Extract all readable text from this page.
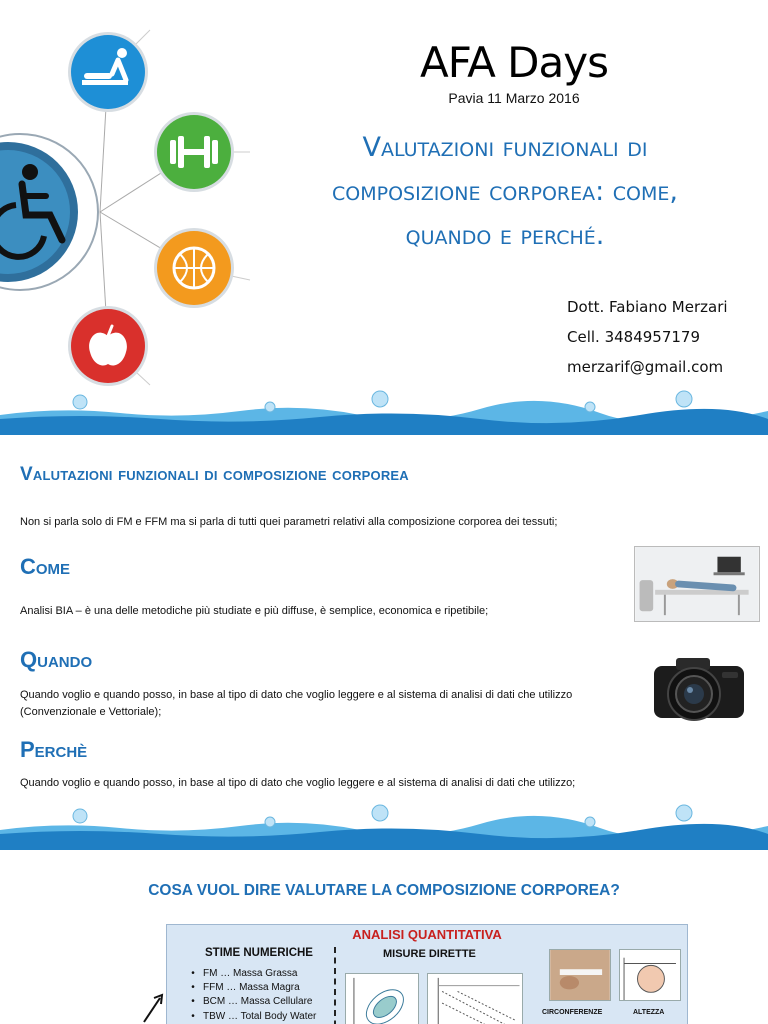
AFA Days
Pavia 11 Marzo 2016
Valutazioni funzionali di
composizione corporea: come,
quando e perché.
Dott. Fabiano Merzari
Cell. 3484957179
merzarif@gmail.com
Valutazioni funzionali di composizione corporea
Non si parla solo di FM e FFM ma si parla di tutti quei parametri relativi alla composizione corporea dei tessuti;
Come
Analisi BIA – è una delle metodiche più studiate e più diffuse, è semplice, economica e ripetibile;
Quando
Quando voglio e quando posso, in base al tipo di dato che voglio leggere e al sistema di analisi di dati che utilizzo (Convenzionale e Vettoriale);
Perchè
Quando voglio e quando posso, in base al tipo di dato che voglio leggere e al sistema di analisi di dati che utilizzo;
COSA VUOL DIRE VALUTARE LA COMPOSIZIONE CORPOREA?
ANALISI QUANTITATIVA
STIME NUMERICHE	MISURE DIRETTE
• FM … Massa Grassa
• FFM … Massa Magra
• BCM … Massa Cellulare
• TBW … Total Body Water	CIRCONFERENZE	ALTEZZA
